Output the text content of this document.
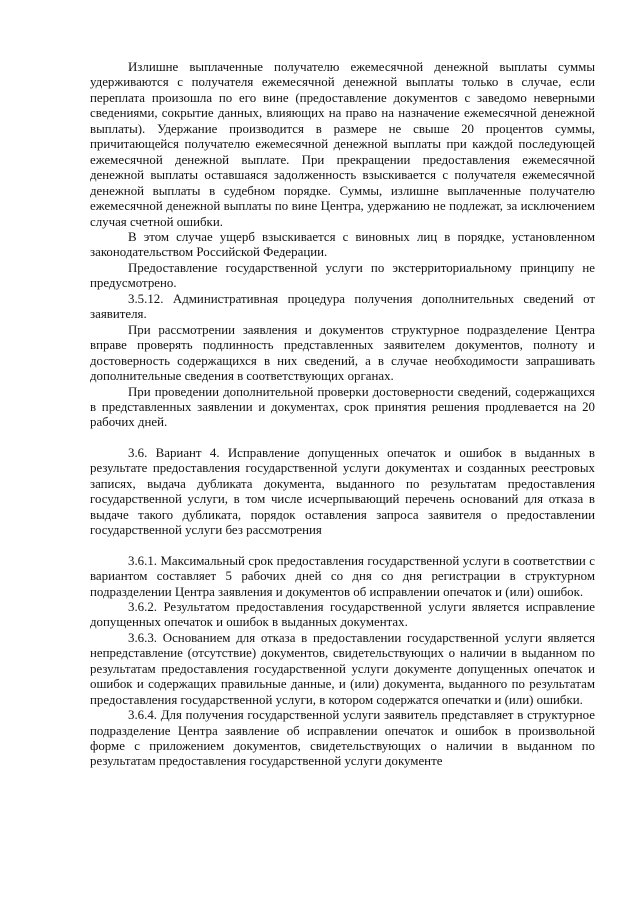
Излишне выплаченные получателю ежемесячной денежной выплаты суммы удерживаются с получателя ежемесячной денежной выплаты только в случае, если переплата произошла по его вине (предоставление документов с заведомо неверными сведениями, сокрытие данных, влияющих на право на назначение ежемесячной денежной выплаты). Удержание производится в размере не свыше 20 процентов суммы, причитающейся получателю ежемесячной денежной выплаты при каждой последующей ежемесячной денежной выплате. При прекращении предоставления ежемесячной денежной выплаты оставшаяся задолженность взыскивается с получателя ежемесячной денежной выплаты в судебном порядке. Суммы, излишне выплаченные получателю ежемесячной денежной выплаты по вине Центра, удержанию не подлежат, за исключением случая счетной ошибки.

В этом случае ущерб взыскивается с виновных лиц в порядке, установленном законодательством Российской Федерации.

Предоставление государственной услуги по экстерриториальному принципу не предусмотрено.

3.5.12. Административная процедура получения дополнительных сведений от заявителя.

При рассмотрении заявления и документов структурное подразделение Центра вправе проверять подлинность представленных заявителем документов, полноту и достоверность содержащихся в них сведений, а в случае необходимости запрашивать дополнительные сведения в соответствующих органах.

При проведении дополнительной проверки достоверности сведений, содержащихся в представленных заявлении и документах, срок принятия решения продлевается на 20 рабочих дней.

3.6. Вариант 4. Исправление допущенных опечаток и ошибок в выданных в результате предоставления государственной услуги документах и созданных реестровых записях, выдача дубликата документа, выданного по результатам предоставления государственной услуги, в том числе исчерпывающий перечень оснований для отказа в выдаче такого дубликата, порядок оставления запроса заявителя о предоставлении государственной услуги без рассмотрения

3.6.1. Максимальный срок предоставления государственной услуги в соответствии с вариантом составляет 5 рабочих дней со дня со дня регистрации в структурном подразделении Центра заявления и документов об исправлении опечаток и (или) ошибок.

3.6.2. Результатом предоставления государственной услуги является исправление допущенных опечаток и ошибок в выданных документах.

3.6.3. Основанием для отказа в предоставлении государственной услуги является непредставление (отсутствие) документов, свидетельствующих о наличии в выданном по результатам предоставления государственной услуги документе допущенных опечаток и ошибок и содержащих правильные данные, и (или) документа, выданного по результатам предоставления государственной услуги, в котором содержатся опечатки и (или) ошибки.

3.6.4. Для получения государственной услуги заявитель представляет в структурное подразделение Центра заявление об исправлении опечаток и ошибок в произвольной форме с приложением документов, свидетельствующих о наличии в выданном по результатам предоставления государственной услуги документе
